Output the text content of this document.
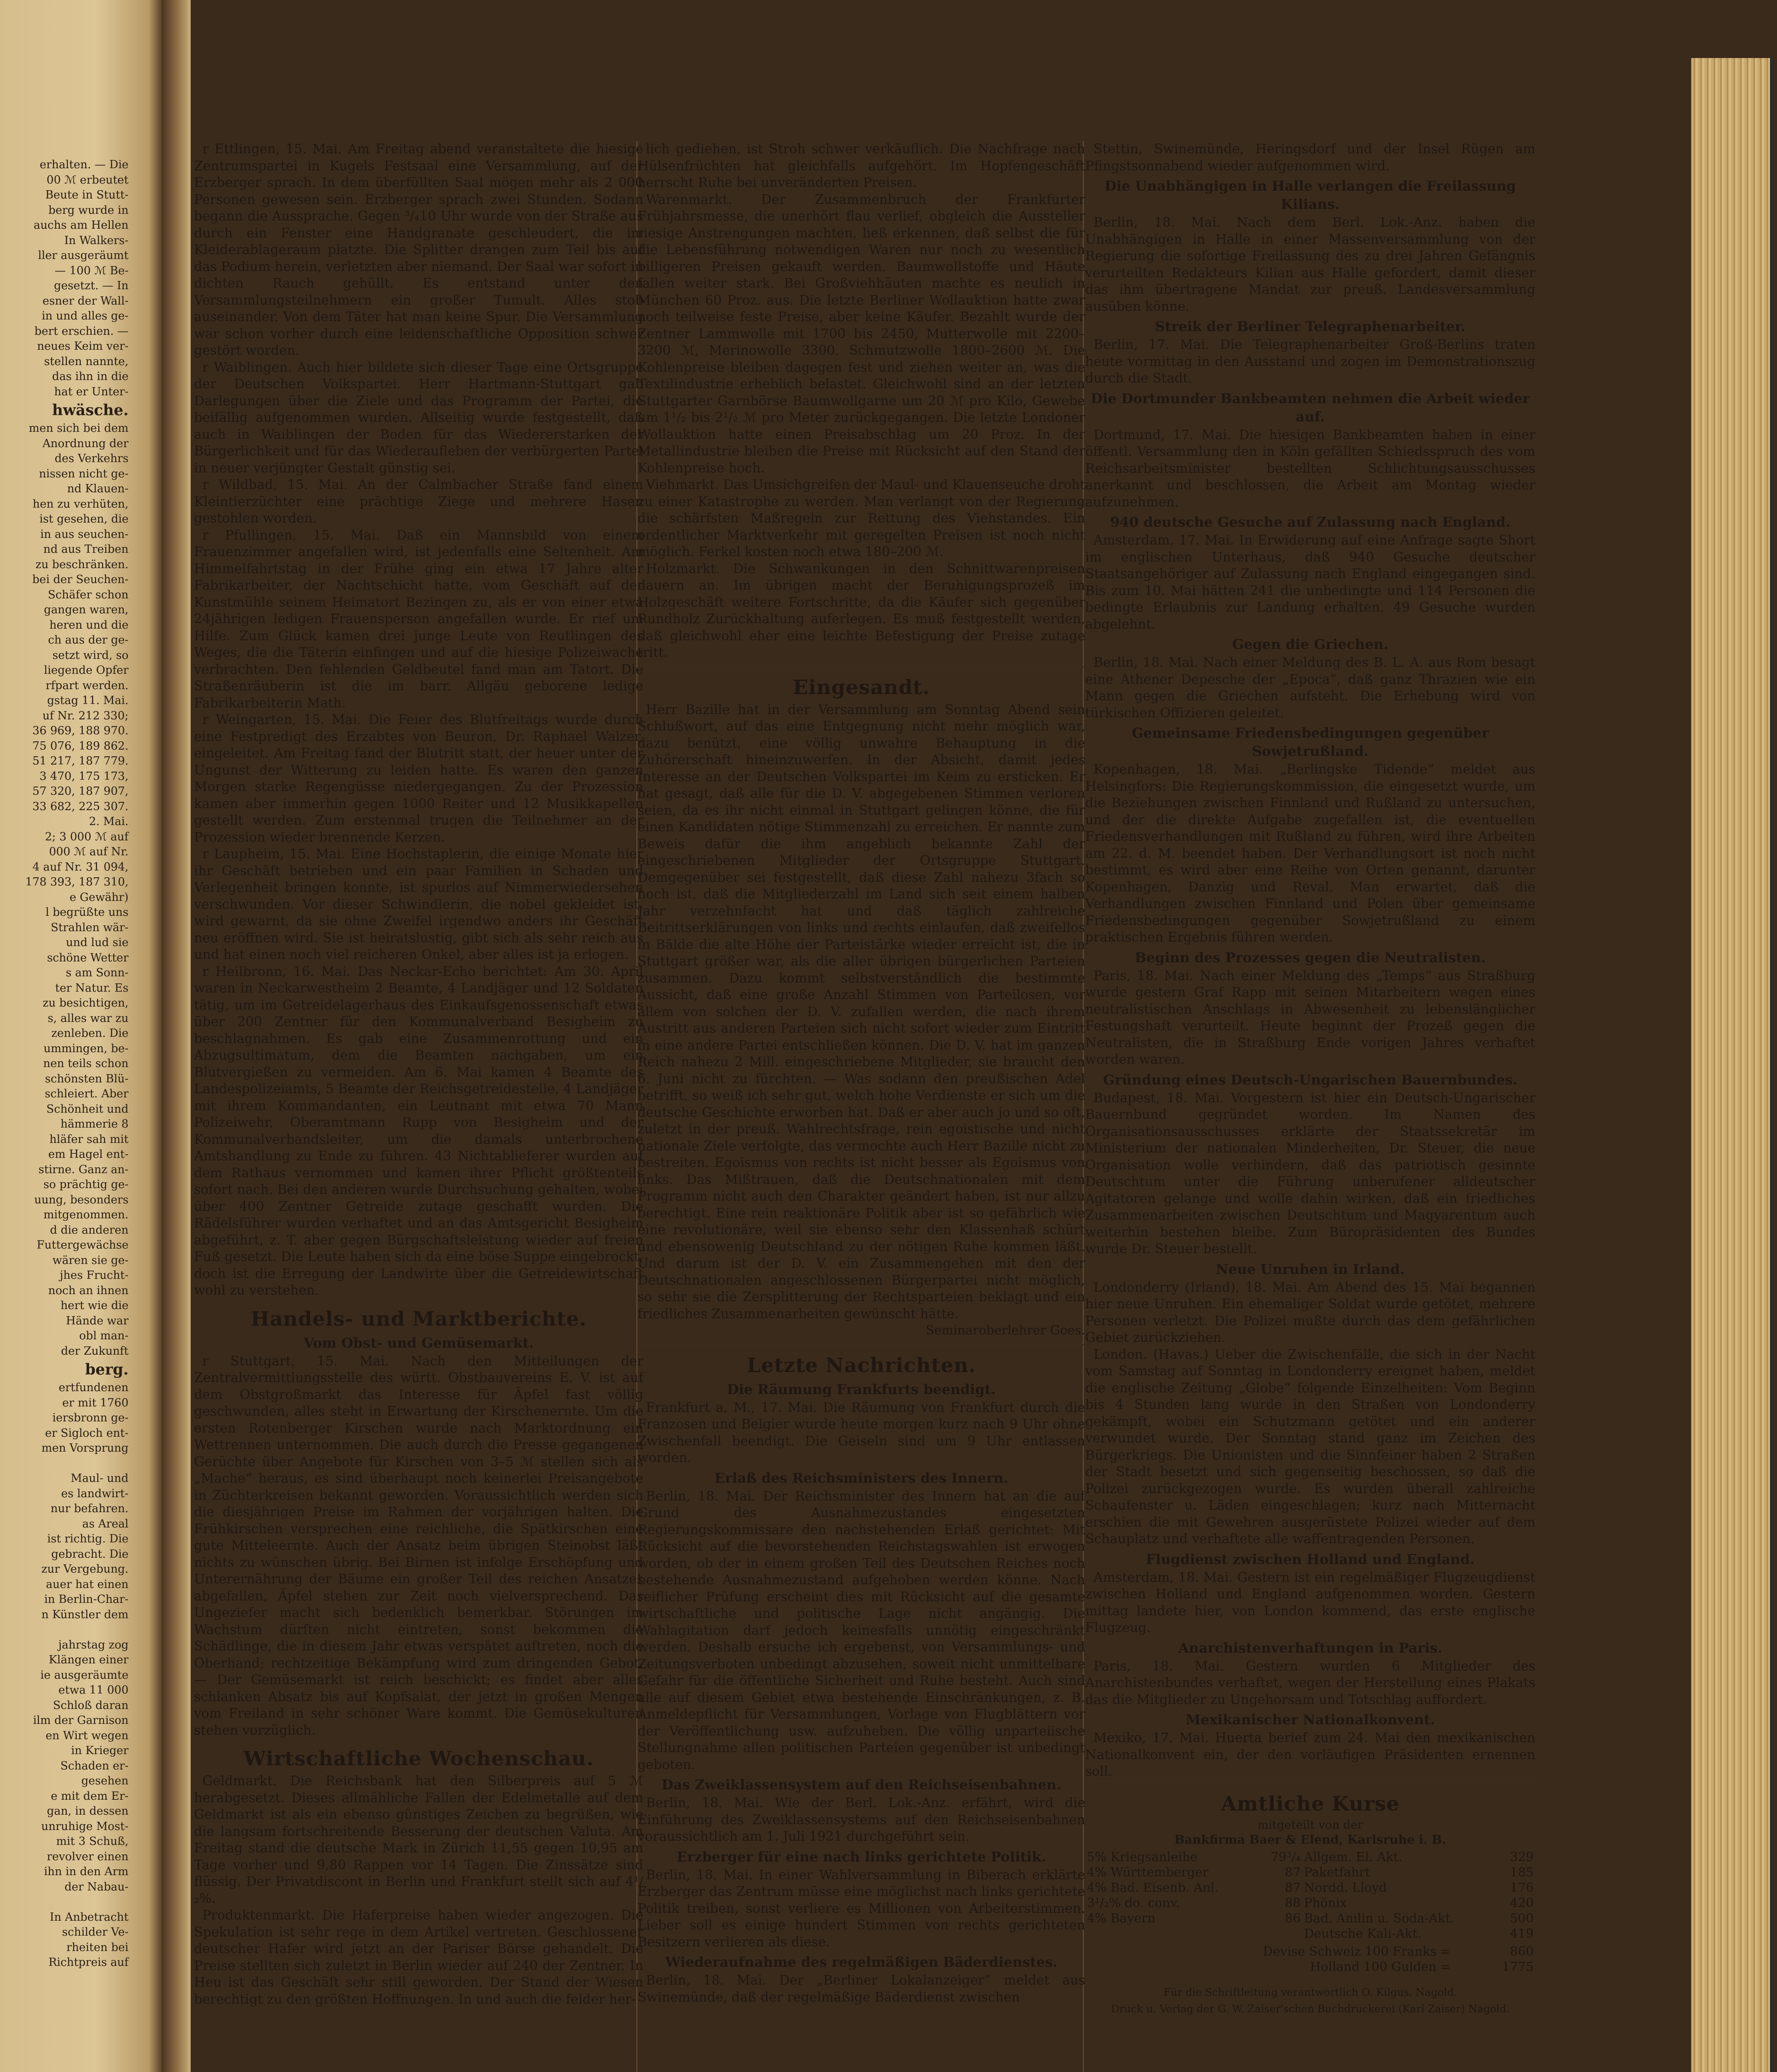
erhalten. — Die
00 ℳ erbeutet
Beute in Stutt-
berg wurde in
auchs am Hellen
In Walkers-
ller ausgeräumt
— 100 ℳ Be-
gesetzt. — In
esner der Wall-
in und alles ge-
bert erschien. —
neues Keim ver-
stellen nannte,
das ihn in die
hat er Unter-
hwäsche.
men sich bei dem
Anordnung der
des Verkehrs
nissen nicht ge-
nd Klauen-
hen zu verhüten,
ist gesehen, die
in aus seuchen-
nd aus Treiben
zu beschränken.
bei der Seuchen-
Schäfer schon
gangen waren,
heren und die
ch aus der ge-
setzt wird, so
liegende Opfer
rfpart werden.
gstag 11. Mai.
uf Nr. 212 330;
36 969, 188 970.
75 076, 189 862.
51 217, 187 779.
3 470, 175 173,
57 320, 187 907,
33 682, 225 307.
2. Mai.
2; 3 000 ℳ auf
000 ℳ auf Nr.
4 auf Nr. 31 094,
178 393, 187 310,
e Gewähr)
l begrüßte uns
Strahlen wär-
und lud sie
schöne Wetter
s am Sonn-
ter Natur. Es
zu besichtigen,
s, alles war zu
zenleben. Die
ummingen, be-
nen teils schon
schönsten Blü-
schleiert. Aber
Schönheit und
hämmerie 8
hläfer sah mit
em Hagel ent-
stirne. Ganz an-
so prächtig ge-
uung, besonders
mitgenommen.
d die anderen
Futtergewächse
wären sie ge-
jhes Frucht-
noch an ihnen
hert wie die
Hände war
obl man-
der Zukunft
berg.
ertfundenen
er mit 1760
iersbronn ge-
er Sigloch ent-
men Vorsprung

Maul- und
es landwirt-
nur befahren.
as Areal
ist richtig. Die
gebracht. Die
zur Vergebung.
auer hat einen
in Berlin-Char-
n Künstler dem

jahrstag zog
Klängen einer
ie ausgeräumte
etwa 11 000
Schloß daran
ilm der Garnison
en Wirt wegen
in Krieger
Schaden er-
gesehen
e mit dem Er-
gan, in dessen
unruhige Most-
mit 3 Schuß,
revolver einen
ihn in den Arm
der Nabau-

In Anbetracht
schilder Ve-
rheiten bei
Richtpreis auf

r Ettlingen, 15. Mai. Am Freitag abend veranstaltete die hiesige Zentrumspartei in Kugels Festsaal eine Versammlung, auf der Erzberger sprach. In dem überfüllten Saal mögen mehr als 2 000 Personen gewesen sein. Erzberger sprach zwei Stunden. Sodann begann die Aussprache. Gegen ³/₄10 Uhr wurde von der Straße aus durch ein Fenster eine Handgranate geschleudert, die im Kleiderablageraum platzte. Die Splitter drangen zum Teil bis auf das Podium herein, verletzten aber niemand. Der Saal war sofort in dichten Rauch gehüllt. Es entstand unter den Versammlungsteilnehmern ein großer Tumult. Alles stob auseinander. Von dem Täter hat man keine Spur. Die Versammlung war schon vorher durch eine leidenschaftliche Opposition schwer gestört worden.

r Waiblingen. Auch hier bildete sich dieser Tage eine Ortsgruppe der Deutschen Volkspartei. Herr Hartmann-Stuttgart gab Darlegungen über die Ziele und das Programm der Partei, die beifällig aufgenommen wurden. Allseitig wurde festgestellt, daß auch in Waiblingen der Boden für das Wiedererstarken der Bürgerlichkeit und für das Wiederaufleben der verbürgerten Partei in neuer verjüngter Gestalt günstig sei.

r Wildbad, 15. Mai. An der Calmbacher Straße fand einem Kleintierzüchter eine prächtige Ziege und mehrere Hasen gestohlen worden.

r Pfullingen, 15. Mai. Daß ein Mannsbild von einem Frauenzimmer angefallen wird, ist jedenfalls eine Seltenheit. Am Himmelfahrtstag in der Frühe ging ein etwa 17 Jahre alter Fabrikarbeiter, der Nachtschicht hatte, vom Geschäft auf der Kunstmühle seinem Heimatort Bezingen zu, als er von einer etwa 24jährigen ledigen Frauensperson angefallen wurde. Er rief um Hilfe. Zum Glück kamen drei junge Leute von Reutlingen des Weges, die die Täterin einfingen und auf die hiesige Polizeiwache verbrachten. Den fehlenden Geldbeutel fand man am Tatort. Die Straßenräuberin ist die im barr. Allgäu geborene ledige Fabrikarbeiterin Math.

r Weingarten, 15. Mai. Die Feier des Blutfreitags wurde durch eine Festpredigt des Erzabtes von Beuron, Dr. Raphael Walzer, eingeleitet. Am Freitag fand der Blutritt statt, der heuer unter der Ungunst der Witterung zu leiden hatte. Es waren den ganzen Morgen starke Regengüsse niedergegangen. Zu der Prozession kamen aber immerhin gegen 1000 Reiter und 12 Musikkapellen gestellt werden. Zum erstenmal trugen die Teilnehmer an der Prozession wieder brennende Kerzen.

r Laupheim, 15. Mai. Eine Hochstaplerin, die einige Monate hier ihr Geschäft betrieben und ein paar Familien in Schaden und Verlegenheit bringen konnte, ist spurlos auf Nimmerwiedersehen verschwunden. Vor dieser Schwindlerin, die nobel gekleidet ist, wird gewarnt, da sie ohne Zweifel irgendwo anders ihr Geschäft neu eröffnen wird. Sie ist heiratslustig, gibt sich als sehr reich aus und hat einen noch viel reicheren Onkel, aber alles ist ja erlogen.

r Heilbronn, 16. Mai. Das Neckar-Echo berichtet: Am 30. April waren in Neckarwestheim 2 Beamte, 4 Landjäger und 12 Soldaten tätig, um im Getreidelagerhaus des Einkaufsgenossenschaft etwas über 200 Zentner für den Kommunalverband Besigheim zu beschlagnahmen. Es gab eine Zusammenrottung und ein Abzugsultimatum, dem die Beamten nachgaben, um ein Blutvergießen zu vermeiden. Am 6. Mai kamen 4 Beamte des Landespolizeiamts, 5 Beamte der Reichsgetreidestelle, 4 Landjäger mit ihrem Kommandanten, ein Leutnant mit etwa 70 Mann Polizeiwehr, Oberamtmann Rupp von Besigheim und der Kommunalverbandsleiter, um die damals unterbrochene Amtshandlung zu Ende zu führen. 43 Nichtablieferer wurden auf dem Rathaus vernommen und kamen ihrer Pflicht größtenteils sofort nach. Bei den anderen wurde Durchsuchung gehalten, wobei über 400 Zentner Getreide zutage geschafft wurden. Die Rädelsführer wurden verhaftet und an das Amtsgericht Besigheim abgeführt, z. T. aber gegen Bürgschaftsleistung wieder auf freien Fuß gesetzt. Die Leute haben sich da eine böse Suppe eingebrockt, doch ist die Erregung der Landwirte über die Getreidewirtschaft wohl zu verstehen.

Handels- und Marktberichte.
Vom Obst- und Gemüsemarkt.

r Stuttgart, 15. Mai. Nach den Mitteilungen der Zentralvermittlungsstelle des württ. Obstbauvereins E. V. ist auf dem Obstgroßmarkt das Interesse für Äpfel fast völlig geschwunden, alles steht in Erwartung der Kirschenernte. Um die ersten Rotenberger Kirschen wurde nach Marktordnung ein Wettrennen unternommen. Die auch durch die Presse gegangenen Gerüchte über Angebote für Kirschen von 3–5 ℳ stellen sich als „Mache“ heraus, es sind überhaupt noch keinerlei Preisangebote in Züchterkreisen bekannt geworden. Voraussichtlich werden sich die diesjährigen Preise im Rahmen der vorjährigen halten. Die Frühkirschen versprechen eine reichliche, die Spätkirschen eine gute Mitteleernte. Auch der Ansatz beim übrigen Steinobst läßt nichts zu wünschen übrig. Bei Birnen ist infolge Erschöpfung und Unterernährung der Bäume ein großer Teil des reichen Ansatzes abgefallen, Äpfel stehen zur Zeit noch vielversprechend. Das Ungeziefer macht sich bedenklich bemerkbar. Störungen im Wachstum dürften nicht eintreten, sonst bekommen die Schädlinge, die in diesem Jahr etwas verspätet auftreten, noch die Oberhand; rechtzeitige Bekämpfung wird zum dringenden Gebot. — Der Gemüsemarkt ist reich beschickt; es findet aber alles schlanken Absatz bis auf Kopfsalat, der jetzt in großen Mengen vom Freiland in sehr schöner Ware kommt. Die Gemüsekulturen stehen vorzüglich.

Wirtschaftliche Wochenschau.

Geldmarkt. Die Reichsbank hat den Silberpreis auf 5 ℳ herabgesetzt. Dieses allmähliche Fallen der Edelmetalle auf dem Geldmarkt ist als ein ebenso günstiges Zeichen zu begrüßen, wie die langsam fortschreitende Besserung der deutschen Valuta. Am Freitag stand die deutsche Mark in Zürich 11,55 gegen 10,95 am Tage vorher und 9,80 Rappen vor 14 Tagen. Die Zinssätze sind flüssig. Der Privatdiscont in Berlin und Frankfurt stellt sich auf 4¹/₂%.

Produktenmarkt. Die Haferpreise haben wieder angezogen. Die Spekulation ist sehr rege in dem Artikel vertreten. Geschlossener deutscher Hafer wird jetzt an der Pariser Börse gehandelt. Die Preise stellten sich zuletzt in Berlin wieder auf 240 der Zentner. In Heu ist das Geschäft sehr still geworden. Der Stand der Wiesen berechtigt zu den größten Hoffnungen. In und auch die felder her-

lich gediehen, ist Stroh schwer verkäuflich. Die Nachfrage nach Hülsenfrüchten hat gleichfalls aufgehört. Im Hopfengeschäft herrscht Ruhe bei unveränderten Preisen.

Warenmarkt. Der Zusammenbruch der Frankfurter Frühjahrsmesse, die unerhört flau verlief, obgleich die Aussteller riesige Anstrengungen machten, ließ erkennen, daß selbst die für die Lebensführung notwendigen Waren nur noch zu wesentlich billigeren Preisen gekauft werden. Baumwollstoffe und Häute fallen weiter stark. Bei Großviehhäuten machte es neulich in München 60 Proz. aus. Die letzte Berliner Wollauktion hatte zwar noch teilweise feste Preise, aber keine Käufer. Bezahlt wurde der Zentner Lammwolle mit 1700 bis 2450, Mutterwolle mit 2200–3200 ℳ, Merinowolle 3300. Schmutzwolle 1800–2600 ℳ. Die Kohlenpreise bleiben dagegen fest und ziehen weiter an, was die Textilindustrie erheblich belastet. Gleichwohl sind an der letzten Stuttgarter Garnbörse Baumwollgarne um 20 ℳ pro Kilo, Gewebe um 1¹/₂ bis 2¹/₂ ℳ pro Meter zurückgegangen. Die letzte Londoner Wollauktion hatte einen Preisabschlag um 20 Proz. In der Metallindustrie bleiben die Preise mit Rücksicht auf den Stand der Kohlenpreise hoch.

Viehmarkt. Das Umsichgreifen der Maul- und Klauenseuche droht zu einer Katastrophe zu werden. Man verlangt von der Regierung die schärfsten Maßregeln zur Rettung des Viehstandes. Ein ordentlicher Marktverkehr mit geregelten Preisen ist noch nicht möglich. Ferkel kosten noch etwa 180–200 ℳ.

Holzmarkt. Die Schwankungen in den Schnittwarenpreisen dauern an. Im übrigen macht der Beruhigungsprozeß im Holzgeschäft weitere Fortschritte, da die Käufer sich gegenüber Rundholz Zurückhaltung auferlegen. Es muß festgestellt werden, daß gleichwohl eher eine leichte Befestigung der Preise zutage tritt.

Eingesandt.

Herr Bazille hat in der Versammlung am Sonntag Abend sein Schlußwort, auf das eine Entgegnung nicht mehr möglich war, dazu benützt, eine völlig unwahre Behauptung in die Zuhörerschaft hineinzuwerfen. In der Absicht, damit jedes Interesse an der Deutschen Volkspartei im Keim zu ersticken. Er hat gesagt, daß alle für die D. V. abgegebenen Stimmen verloren seien, da es ihr nicht einmal in Stuttgart gelingen könne, die für einen Kandidaten nötige Stimmenzahl zu erreichen. Er nannte zum Beweis dafür die ihm angeblich bekannte Zahl der eingeschriebenen Mitglieder der Ortsgruppe Stuttgart. Demgegenüber sei festgestellt, daß diese Zahl nahezu 3fach so hoch ist, daß die Mitgliederzahl im Land sich seit einem halben Jahr verzehnfacht hat und daß täglich zahlreiche Beitrittserklärungen von links und rechts einlaufen, daß zweifellos in Bälde die alte Höhe der Parteistärke wieder erreicht ist, die in Stuttgart größer war, als die aller übrigen bürgerlichen Parteien zusammen. Dazu kommt selbstverständlich die bestimmte Aussicht, daß eine große Anzahl Stimmen von Parteilosen, vor allem von solchen der D. V. zufallen werden, die nach ihrem Austritt aus anderen Parteien sich nicht sofort wieder zum Eintritt in eine andere Partei entschließen können. Die D. V. hat im ganzen Reich nahezu 2 Mill. eingeschriebene Mitglieder, sie braucht den 6. Juni nicht zu fürchten. — Was sodann den preußischen Adel betrifft, so weiß ich sehr gut, welch hohe Verdienste er sich um die deutsche Geschichte erworben hat. Daß er aber auch jo und so oft, zuletzt in der preuß. Wahlrechtsfrage, rein egoistische und nicht nationale Ziele verfolgte, das vermochte auch Herr Bazille nicht zu bestreiten. Egoismus von rechts ist nicht besser als Egoismus von links. Das Mißtrauen, daß die Deutschnationalen mit dem Programm nicht auch den Charakter geändert haben, ist nur allzu berechtigt. Eine rein reaktionäre Politik aber ist so gefährlich wie eine revolutionäre, weil sie ebenso sehr den Klassenhaß schürt und ebensowenig Deutschland zu der nötigen Ruhe kommen läßt. Und darum ist der D. V. ein Zusammengehen mit den der Deutschnationalen angeschlossenen Bürgerpartei nicht möglich, so sehr sie die Zersplitterung der Rechtsparteien beklagt und ein friedliches Zusammenarbeiten gewünscht hätte.

Seminaroberlehrer Goes.

Letzte Nachrichten.
Die Räumung Frankfurts beendigt.

Frankfurt a. M., 17. Mai. Die Räumung von Frankfurt durch die Franzosen und Belgier wurde heute morgen kurz nach 9 Uhr ohne Zwischenfall beendigt. Die Geiseln sind um 9 Uhr entlassen worden.

Erlaß des Reichsministers des Innern.

Berlin, 18. Mai. Der Reichsminister des Innern hat an die auf Grund des Ausnahmezustandes eingesetzten Regierungskommissare den nachstehenden Erlaß gerichtet: Mit Rücksicht auf die bevorstehenden Reichstagswahlen ist erwogen worden, ob der in einem großen Teil des Deutschen Reiches noch bestehende Ausnahmezustand aufgehoben werden könne. Nach reiflicher Prüfung erscheint dies mit Rücksicht auf die gesamte wirtschaftliche und politische Lage nicht angängig. Die Wahlagitation darf jedoch keinesfalls unnötig eingeschränkt werden. Deshalb ersuche ich ergebenst, von Versammlungs- und Zeitungsverboten unbedingt abzusehen, soweit nicht unmittelbare Gefahr für die öffentliche Sicherheit und Ruhe besteht. Auch sind alle auf diesem Gebiet etwa bestehende Einschränkungen, z. B. Anmeldepflicht für Versammlungen, Vorlage von Flugblättern vor der Veröffentlichung usw. aufzuheben. Die völlig unparteiische Stellungnahme allen politischen Parteien gegenüber ist unbedingt geboten.

Das Zweiklassensystem auf den Reichseisenbahnen.

Berlin, 18. Mai. Wie der Berl. Lok.-Anz. erfährt, wird die Einführung des Zweiklassensystems auf den Reichseisenbahnen voraussichtlich am 1. Juli 1921 durchgeführt sein.

Erzberger für eine nach links gerichtete Politik.

Berlin, 18. Mai. In einer Wahlversammlung in Biberach erklärte Erzberger das Zentrum müsse eine möglichst nach links gerichtete Politik treiben, sonst verliere es Millionen von Arbeiterstimmen. Lieber soll es einige hundert Stimmen von rechts gerichteten Besitzern verlieren als diese.

Wiederaufnahme des regelmäßigen Bäderdienstes.

Berlin, 18. Mai. Der „Berliner Lokalanzeiger“ meldet aus Swinemünde, daß der regelmäßige Bäderdienst zwischen

Stettin, Swinemünde, Heringsdorf und der Insel Rügen am Pfingstsonnabend wieder aufgenommen wird.

Die Unabhängigen in Halle verlangen die Freilassung Kilians.

Berlin, 18. Mai. Nach dem Berl. Lok.-Anz. haben die Unabhängigen in Halle in einer Massenversammlung von der Regierung die sofortige Freilassung des zu drei Jahren Gefängnis verurteilten Redakteurs Kilian aus Halle gefordert, damit dieser das ihm übertragene Mandat zur preuß. Landesversammlung ausüben könne.

Streik der Berliner Telegraphenarbeiter.

Berlin, 17. Mai. Die Telegraphenarbeiter Groß-Berlins traten heute vormittag in den Ausstand und zogen im Demonstrationszug durch die Stadt.

Die Dortmunder Bankbeamten nehmen die Arbeit wieder auf.

Dortmund, 17. Mai. Die hiesigen Bankbeamten haben in einer öffentl. Versammlung den in Köln gefällten Schiedsspruch des vom Reichsarbeitsminister bestellten Schlichtungsausschusses anerkannt und beschlossen, die Arbeit am Montag wieder aufzunehmen.

940 deutsche Gesuche auf Zulassung nach England.

Amsterdam, 17. Mai. In Erwiderung auf eine Anfrage sagte Short im englischen Unterhaus, daß 940 Gesuche deutscher Staatsangehöriger auf Zulassung nach England eingegangen sind. Bis zum 10. Mai hätten 241 die unbedingte und 114 Personen die bedingte Erlaubnis zur Landung erhalten. 49 Gesuche wurden abgelehnt.

Gegen die Griechen.

Berlin, 18. Mai. Nach einer Meldung des B. L. A. aus Rom besagt eine Athener Depesche der „Epoca“, daß ganz Thrazien wie ein Mann gegen die Griechen aufsteht. Die Erhebung wird von türkischen Offizieren geleitet.

Gemeinsame Friedensbedingungen gegenüber Sowjetrußland.

Kopenhagen, 18. Mai. „Berlingske Tidende“ meldet aus Helsingfors: Die Regierungskommission, die eingesetzt wurde, um die Beziehungen zwischen Finnland und Rußland zu untersuchen, und der die direkte Aufgabe zugefallen ist, die eventuellen Friedensverhandlungen mit Rußland zu führen, wird ihre Arbeiten am 22. d. M. beendet haben. Der Verhandlungsort ist noch nicht bestimmt, es wird aber eine Reihe von Orten genannt, darunter Kopenhagen, Danzig und Reval. Man erwartet, daß die Verhandlungen zwischen Finnland und Polen über gemeinsame Friedensbedingungen gegenüber Sowjetrußland zu einem praktischen Ergebnis führen werden.

Beginn des Prozesses gegen die Neutralisten.

Paris, 18. Mai. Nach einer Meldung des „Temps“ aus Straßburg wurde gestern Graf Rapp mit seinen Mitarbeitern wegen eines neutralistischen Anschlags in Abwesenheit zu lebenslänglicher Festungshaft verurteilt. Heute beginnt der Prozeß gegen die Neutralisten, die in Straßburg Ende vorigen Jahres verhaftet worden waren.

Gründung eines Deutsch-Ungarischen Bauernbundes.

Budapest, 18. Mai. Vorgestern ist hier ein Deutsch-Ungarischer Bauernbund gegründet worden. Im Namen des Organisationsausschusses erklärte der Staatssekretär im Ministerium der nationalen Minderheiten, Dr. Steuer, die neue Organisation wolle verhindern, daß das patriotisch gesinnte Deutschtum unter die Führung unberufener alldeutscher Agitatoren gelange und wolle dahin wirken, daß ein friedliches Zusammenarbeiten zwischen Deutschtum und Magyarentum auch weiterhin bestehen bleibe. Zum Büropräsidenten des Bundes wurde Dr. Steuer bestellt.

Neue Unruhen in Irland.

Londonderry (Irland), 18. Mai. Am Abend des 15. Mai begannen hier neue Unruhen. Ein ehemaliger Soldat wurde getötet, mehrere Personen verletzt. Die Polizei mußte durch das dem gefährlichen Gebiet zurückziehen.

London. (Havas.) Ueber die Zwischenfälle, die sich in der Nacht vom Samstag auf Sonntag in Londonderry ereignet haben, meldet die englische Zeitung „Globe“ folgende Einzelheiten: Vom Beginn bis 4 Stunden lang wurde in den Straßen von Londonderry gekämpft, wobei ein Schutzmann getötet und ein anderer verwundet wurde. Der Sonntag stand ganz im Zeichen des Bürgerkriegs. Die Unionisten und die Sinnfeiner haben 2 Straßen der Stadt besetzt und sich gegenseitig beschossen, so daß die Polizei zurückgezogen wurde. Es wurden überall zahlreiche Schaufenster u. Läden eingeschlagen; kurz nach Mitternacht erschien die mit Gewehren ausgerüstete Polizei wieder auf dem Schauplatz und verhaftete alle waffentragenden Personen.

Flugdienst zwischen Holland und England.

Amsterdam, 18. Mai. Gestern ist ein regelmäßiger Flugzeugdienst zwischen Holland und England aufgenommen worden. Gestern mittag landete hier, von London kommend, das erste englische Flugzeug.

Anarchistenverhaftungen in Paris.

Paris, 18. Mai. Gestern wurden 6 Mitglieder des Anarchistenbundes verhaftet, wegen der Herstellung eines Plakats das die Mitglieder zu Ungehorsam und Totschlag auffordert.

Mexikanischer Nationalkonvent.

Mexiko, 17. Mai. Huerta berief zum 24. Mai den mexikanischen Nationalkonvent ein, der den vorläufigen Präsidenten ernennen soll.

Amtliche Kurse
mitgeteilt von der
Bankfirma Baer & Elend, Karlsruhe i. B.
5% Kriegsanleihe	79³/₄	Allgem. El. Akt.	329
4% Württemberger	87	Paketfahrt	185
4% Bad. Eisenb. Anl.	87	Nordd. Lloyd	176
3¹/₂% do. conv.	88	Phönix	420
4% Bayern	86	Bad. Anilin u. Soda-Akt.	500
		Deutsche Kali-Akt.	419
Devise Schweiz 100 Franks	=	860
Holland 100 Gulden	=	1775
Für die Schriftleitung verantwortlich O. Kilgus, Nagold.
Druck u. Verlag der G. W. Zaiser'schen Buchdruckerei (Karl Zaiser) Nagold.
